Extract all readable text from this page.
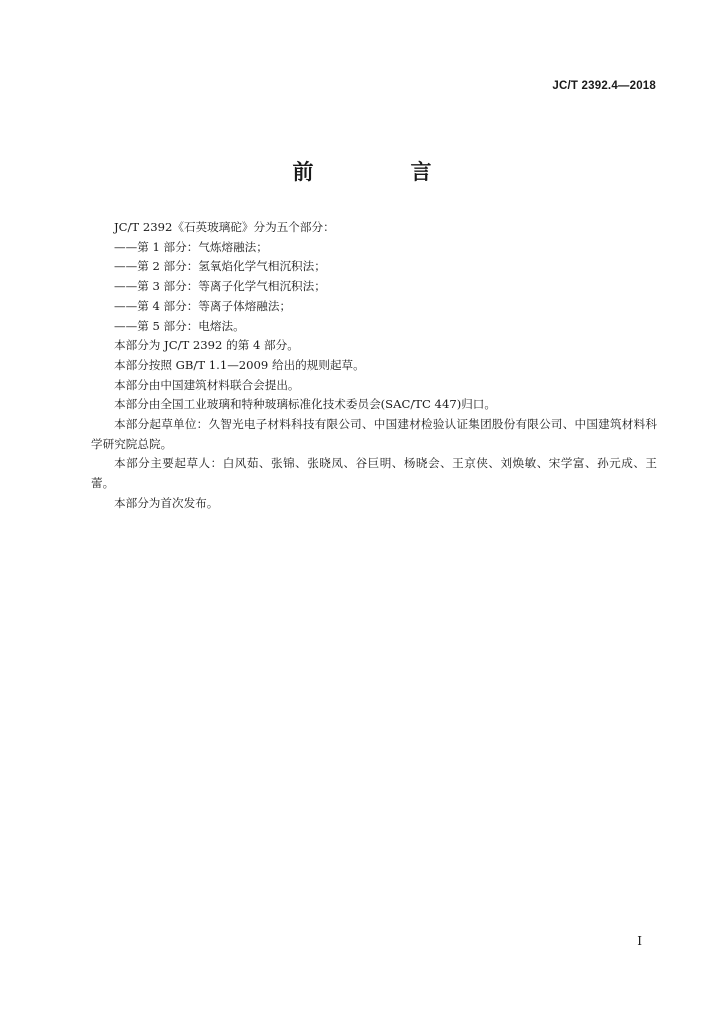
JC/T 2392.4—2018
前　言

JC/T 2392《石英玻璃砣》分为五个部分：

——第 1 部分：气炼熔融法；

——第 2 部分：氢氧焰化学气相沉积法；

——第 3 部分：等离子化学气相沉积法；

——第 4 部分：等离子体熔融法；

——第 5 部分：电熔法。

本部分为 JC/T 2392 的第 4 部分。

本部分按照 GB/T 1.1—2009 给出的规则起草。

本部分由中国建筑材料联合会提出。

本部分由全国工业玻璃和特种玻璃标准化技术委员会(SAC/TC 447)归口。

本部分起草单位：久智光电子材料科技有限公司、中国建材检验认证集团股份有限公司、中国建筑材料科学研究院总院。

本部分主要起草人：白风茹、张锦、张晓凤、谷巨明、杨晓会、王京侠、刘焕敏、宋学富、孙元成、王蕾。

本部分为首次发布。

I
